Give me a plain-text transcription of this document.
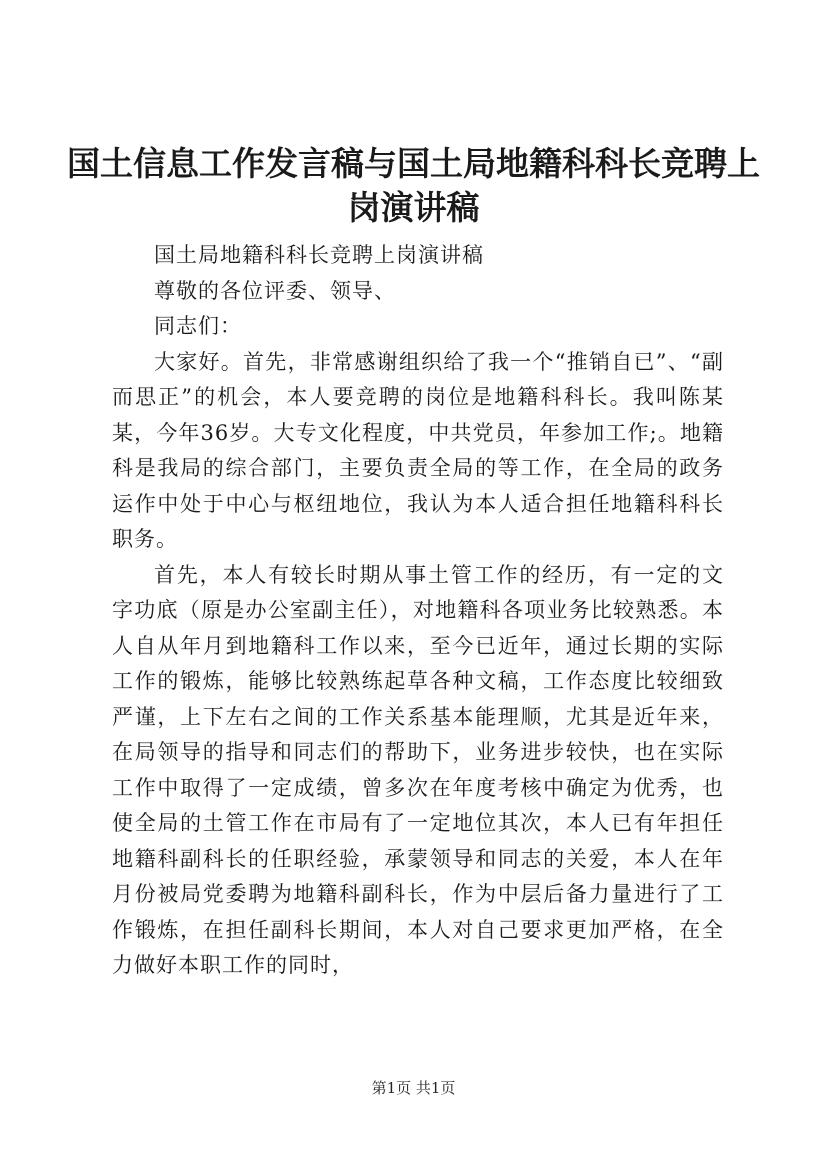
国土信息工作发言稿与国土局地籍科科长竞聘上岗演讲稿

国土局地籍科科长竞聘上岗演讲稿

尊敬的各位评委、领导、

同志们：

大家好。首先，非常感谢组织给了我一个“推销自已”、“副而思正”的机会，本人要竞聘的岗位是地籍科科长。我叫陈某某，今年36岁。大专文化程度，中共党员，年参加工作;。地籍科是我局的综合部门，主要负责全局的等工作，在全局的政务运作中处于中心与枢纽地位，我认为本人适合担任地籍科科长职务。

首先，本人有较长时期从事土管工作的经历，有一定的文字功底（原是办公室副主任），对地籍科各项业务比较熟悉。本人自从年月到地籍科工作以来，至今已近年，通过长期的实际工作的锻炼，能够比较熟练起草各种文稿，工作态度比较细致严谨，上下左右之间的工作关系基本能理顺，尤其是近年来，在局领导的指导和同志们的帮助下，业务进步较快，也在实际工作中取得了一定成绩，曾多次在年度考核中确定为优秀，也使全局的土管工作在市局有了一定地位其次，本人已有年担任地籍科副科长的任职经验，承蒙领导和同志的关爱，本人在年月份被局党委聘为地籍科副科长，作为中层后备力量进行了工作锻炼，在担任副科长期间，本人对自己要求更加严格，在全力做好本职工作的同时，

第1页 共1页
